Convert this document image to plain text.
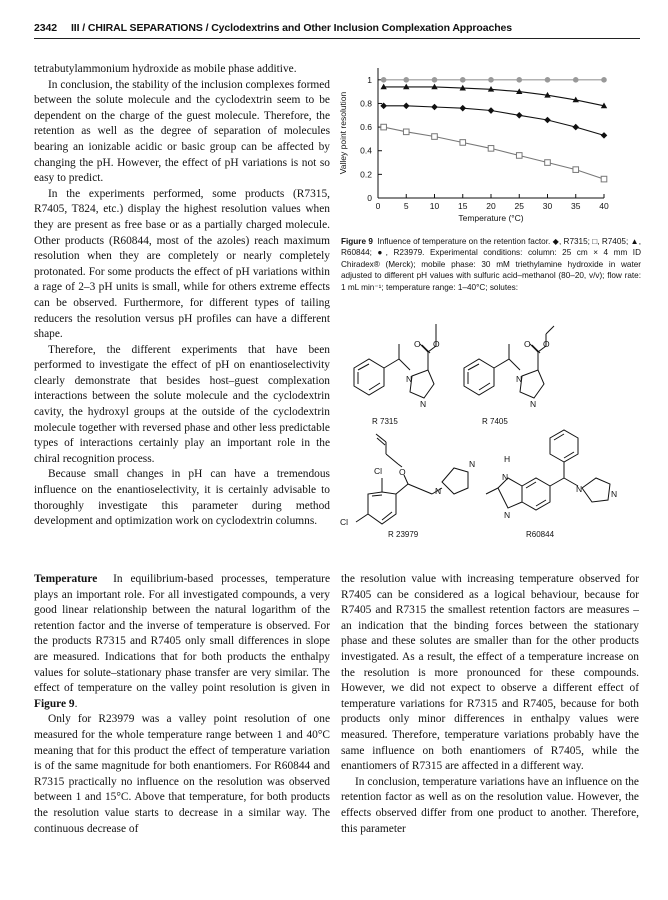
2342 III / CHIRAL SEPARATIONS / Cyclodextrins and Other Inclusion Complexation Approaches

tetrabutylammonium hydroxide as mobile phase additive.

In conclusion, the stability of the inclusion complexes formed between the solute molecule and the cyclodextrin seem to be dependent on the charge of the guest molecule. Therefore, the retention as well as the degree of separation of molecules bearing an ionizable acidic or basic group can be affected by changing the pH. However, the effect of pH variations is not so easy to predict.

In the experiments performed, some products (R7315, R7405, T824, etc.) display the highest resolution values when they are present as free base or as a partially charged molecule. Other products (R60844, most of the azoles) reach maximum resolution when they are completely or nearly completely protonated. For some products the effect of pH variations within a rage of 2–3 pH units is small, while for others extreme effects can be observed. Furthermore, for different types of tailing reducers the resolution versus pH profiles can have a different shape.

Therefore, the different experiments that have been performed to investigate the effect of pH on enantioselectivity clearly demonstrate that besides host–guest complexation interactions between the solute molecule and the cyclodextrin cavity, the hydroxyl groups at the outside of the cyclodextrin molecule together with reversed phase and other less predictable types of interactions certainly play an important role in the chiral recognition process.

Because small changes in pH can have a tremendous influence on the enantioselectivity, it is certainly advisable to thoroughly investigate this parameter during method development and optimization work on cyclodextrin columns.

0
0.2
0.4
0.6
0.8
1
0	5 10 15 20 25 30 35 40
Temperature (°C)
Valley point resolution
Figure 9 Influence of temperature on the retention factor. ◆, R7315; □, R7405; ▲, R60844; ●, R23979. Experimental conditions: column: 25 cm × 4 mm ID Chiradex® (Merck); mobile phase: 30 mM triethylamine hydroxide in water adjusted to different pH values with sulfuric acid–methanol (80–20, v/v); flow rate: 1 mL min⁻¹; temperature range: 1–40°C; solutes:
O O
N
N
R 7315
O O
N
N
R 7405
Cl O
N
N
Cl
R 23979
H
N
N
N	N
R60844

Temperature In equilibrium-based processes, temperature plays an important role. For all investigated compounds, a very good linear relationship between the natural logarithm of the retention factor and the inverse of temperature is observed. For the products R7315 and R7405 only small differences in slope are measured. Indications that for both products the enthalpy values for solute–stationary phase transfer are very similar. The effect of temperature on the valley point resolution is given in Figure 9.

Only for R23979 was a valley point resolution of one measured for the whole temperature range between 1 and 40°C meaning that for this product the effect of temperature variation is of the same magnitude for both enantiomers. For R60844 and R7315 practically no influence on the resolution was observed between 1 and 15°C. Above that temperature, for both products the resolution value starts to decrease in a similar way. The continuous decrease of

the resolution value with increasing temperature observed for R7405 can be considered as a logical behaviour, because for R7405 and R7315 the smallest retention factors are measures – an indication that the binding forces between the stationary phase and these solutes are smaller than for the other products investigated. As a result, the effect of a temperature increase on the resolution is more pronounced for these compounds. However, we did not expect to observe a different effect of temperature variations for R7315 and R7405, because for both products only minor differences in enthalpy values were measured. Therefore, temperature variations probably have the same influence on both enantiomers of R7405, while the enantiomers of R7315 are affected in a different way.

In conclusion, temperature variations have an influence on the retention factor as well as on the resolution value. However, the effects observed differ from one product to another. Therefore, this parameter
